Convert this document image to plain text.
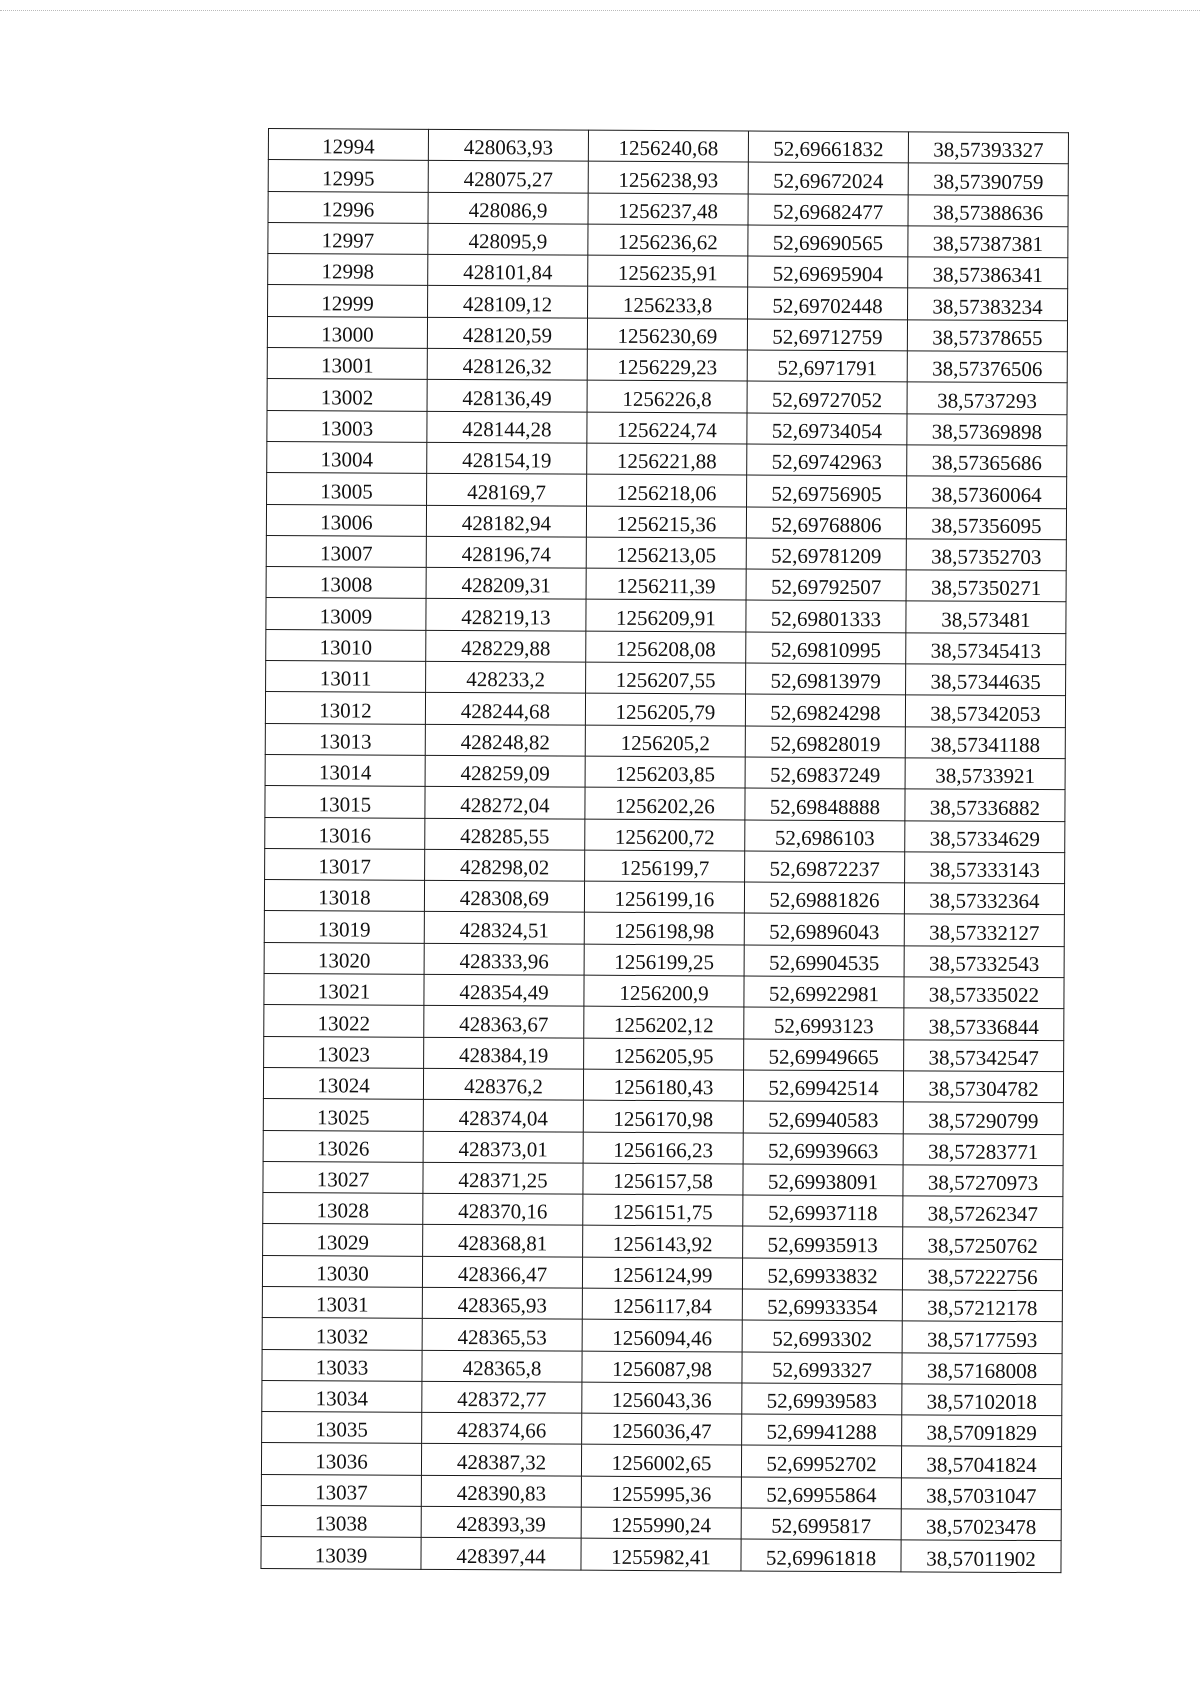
12994	428063,93	1256240,68	52,69661832	38,57393327
12995	428075,27	1256238,93	52,69672024	38,57390759
12996	428086,9	1256237,48	52,69682477	38,57388636
12997	428095,9	1256236,62	52,69690565	38,57387381
12998	428101,84	1256235,91	52,69695904	38,57386341
12999	428109,12	1256233,8	52,69702448	38,57383234
13000	428120,59	1256230,69	52,69712759	38,57378655
13001	428126,32	1256229,23	52,6971791	38,57376506
13002	428136,49	1256226,8	52,69727052	38,5737293
13003	428144,28	1256224,74	52,69734054	38,57369898
13004	428154,19	1256221,88	52,69742963	38,57365686
13005	428169,7	1256218,06	52,69756905	38,57360064
13006	428182,94	1256215,36	52,69768806	38,57356095
13007	428196,74	1256213,05	52,69781209	38,57352703
13008	428209,31	1256211,39	52,69792507	38,57350271
13009	428219,13	1256209,91	52,69801333	38,573481
13010	428229,88	1256208,08	52,69810995	38,57345413
13011	428233,2	1256207,55	52,69813979	38,57344635
13012	428244,68	1256205,79	52,69824298	38,57342053
13013	428248,82	1256205,2	52,69828019	38,57341188
13014	428259,09	1256203,85	52,69837249	38,5733921
13015	428272,04	1256202,26	52,69848888	38,57336882
13016	428285,55	1256200,72	52,6986103	38,57334629
13017	428298,02	1256199,7	52,69872237	38,57333143
13018	428308,69	1256199,16	52,69881826	38,57332364
13019	428324,51	1256198,98	52,69896043	38,57332127
13020	428333,96	1256199,25	52,69904535	38,57332543
13021	428354,49	1256200,9	52,69922981	38,57335022
13022	428363,67	1256202,12	52,6993123	38,57336844
13023	428384,19	1256205,95	52,69949665	38,57342547
13024	428376,2	1256180,43	52,69942514	38,57304782
13025	428374,04	1256170,98	52,69940583	38,57290799
13026	428373,01	1256166,23	52,69939663	38,57283771
13027	428371,25	1256157,58	52,69938091	38,57270973
13028	428370,16	1256151,75	52,69937118	38,57262347
13029	428368,81	1256143,92	52,69935913	38,57250762
13030	428366,47	1256124,99	52,69933832	38,57222756
13031	428365,93	1256117,84	52,69933354	38,57212178
13032	428365,53	1256094,46	52,6993302	38,57177593
13033	428365,8	1256087,98	52,6993327	38,57168008
13034	428372,77	1256043,36	52,69939583	38,57102018
13035	428374,66	1256036,47	52,69941288	38,57091829
13036	428387,32	1256002,65	52,69952702	38,57041824
13037	428390,83	1255995,36	52,69955864	38,57031047
13038	428393,39	1255990,24	52,6995817	38,57023478
13039	428397,44	1255982,41	52,69961818	38,57011902
